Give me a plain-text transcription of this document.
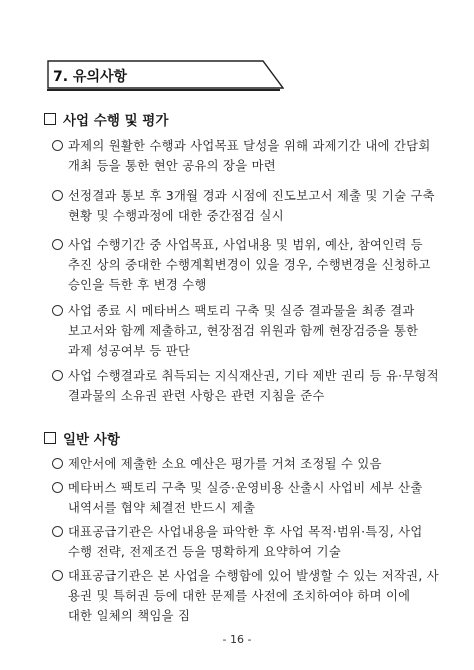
7. 유의사항
사업 수행 및 평가
과제의 원활한 수행과 사업목표 달성을 위해 과제기간 내에 간담회
개최 등을 통한 현안 공유의 장을 마련
선정결과 통보 후 3개월 경과 시점에 진도보고서 제출 및 기술 구축
현황 및 수행과정에 대한 중간점검 실시
사업 수행기간 중 사업목표, 사업내용 및 범위, 예산, 참여인력 등
추진 상의 중대한 수행계획변경이 있을 경우, 수행변경을 신청하고
승인을 득한 후 변경 수행
사업 종료 시 메타버스 팩토리 구축 및 실증 결과물을 최종 결과
보고서와 함께 제출하고, 현장점검 위원과 함께 현장검증을 통한
과제 성공여부 등 판단
사업 수행결과로 취득되는 지식재산권, 기타 제반 권리 등 유·무형적
결과물의 소유권 관련 사항은 관련 지침을 준수
일반 사항
제안서에 제출한 소요 예산은 평가를 거쳐 조정될 수 있음
메타버스 팩토리 구축 및 실증·운영비용 산출시 사업비 세부 산출
내역서를 협약 체결전 반드시 제출
대표공급기관은 사업내용을 파악한 후 사업 목적·범위·특징, 사업
수행 전략, 전제조건 등을 명확하게 요약하여 기술
대표공급기관은 본 사업을 수행함에 있어 발생할 수 있는 저작권, 사
용권 및 특허권 등에 대한 문제를 사전에 조치하여야 하며 이에
대한 일체의 책임을 짐
- 16 -
